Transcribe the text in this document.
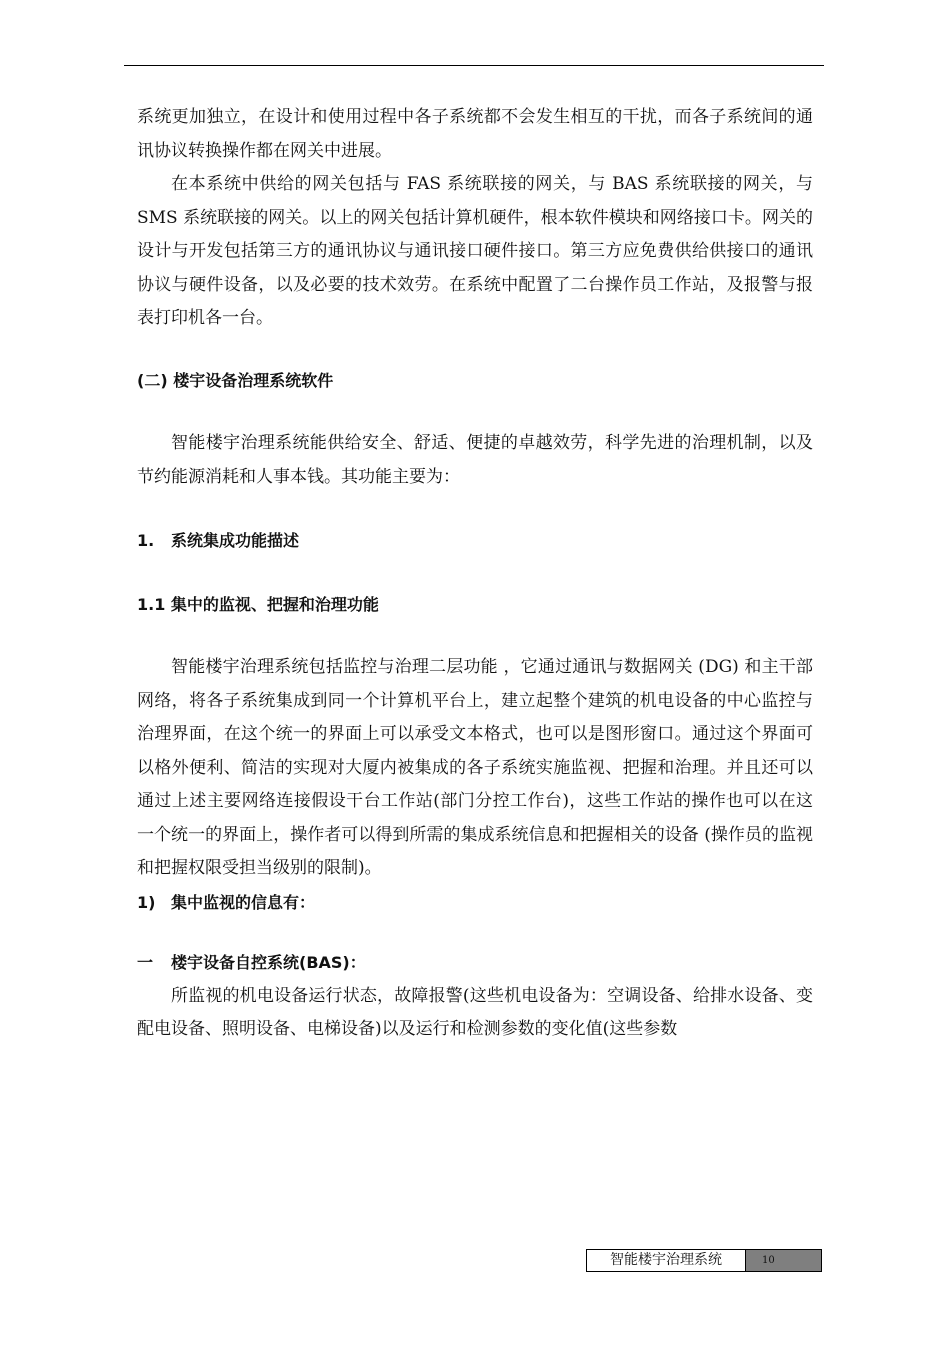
系统更加独立，在设计和使用过程中各子系统都不会发生相互的干扰，而各子系统间的通讯协议转换操作都在网关中进展。

在本系统中供给的网关包括与 FAS 系统联接的网关，与 BAS 系统联接的网关，与 SMS 系统联接的网关。以上的网关包括计算机硬件，根本软件模块和网络接口卡。网关的设计与开发包括第三方的通讯协议与通讯接口硬件接口。第三方应免费供给供接口的通讯协议与硬件设备，以及必要的技术效劳。在系统中配置了二台操作员工作站，及报警与报表打印机各一台。

(二) 楼宇设备治理系统软件

智能楼宇治理系统能供给安全、舒适、便捷的卓越效劳，科学先进的治理机制，以及节约能源消耗和人事本钱。其功能主要为：

1. 系统集成功能描述

1.1 集中的监视、把握和治理功能

智能楼宇治理系统包括监控与治理二层功能 ，它通过通讯与数据网关 (DG) 和主干部网络，将各子系统集成到同一个计算机平台上，建立起整个建筑的机电设备的中心监控与治理界面，在这个统一的界面上可以承受文本格式，也可以是图形窗口。通过这个界面可以格外便利、简洁的实现对大厦内被集成的各子系统实施监视、把握和治理。并且还可以通过上述主要网络连接假设干台工作站(部门分控工作台)，这些工作站的操作也可以在这一个统一的界面上，操作者可以得到所需的集成系统信息和把握相关的设备 (操作员的监视和把握权限受担当级别的限制)。

1) 集中监视的信息有：

一 楼宇设备自控系统(BAS)：

所监视的机电设备运行状态，故障报警(这些机电设备为：空调设备、给排水设备、变配电设备、照明设备、电梯设备)以及运行和检测参数的变化值(这些参数

智能楼宇治理系统	10
